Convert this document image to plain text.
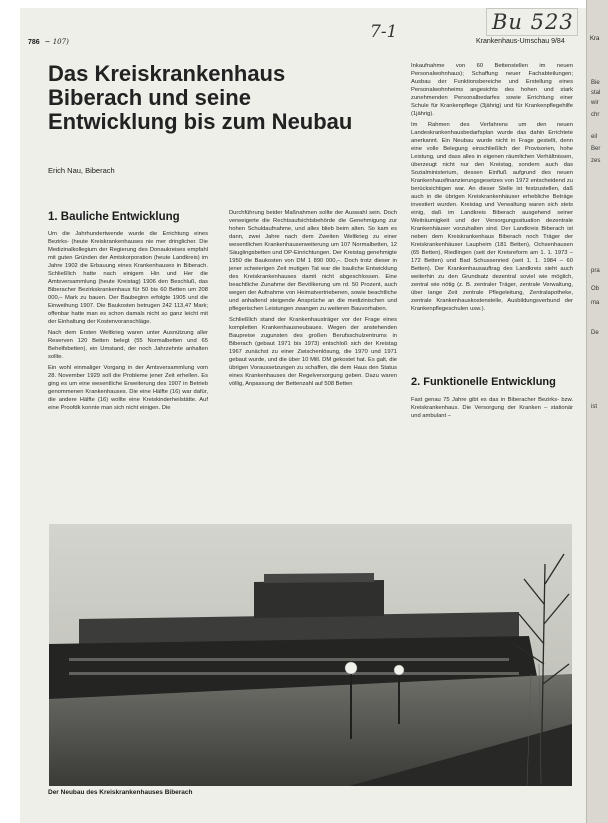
Kra
Bie
stal
wir
chr
eil
Ber
zes
pra
Ob
ma
De
ist
7-1	Bu 523
786 ~ 107)	Krankenhaus-Umschau 9/84
Das Kreiskrankenhaus
Biberach und seine
Entwicklung bis zum Neubau
Erich Nau, Biberach
1. Bauliche Entwicklung

Um die Jahrhundertwende wurde die Errichtung eines Bezirks- (heute Kreiskrankenhauses nie mer dringlicher. Die Medizinalkollegium der Regierung des Donaukreises empfahl mit guten Gründen der Amtskorporation (heute Landkreis) im Jahre 1902 die Erbauung eines Krankenhauses in Biberach. Schließlich hatte nach einigem Hin und Her die Amtsversammlung (heute Kreistag) 1906 den Beschluß, das Biberacher Bezirkskrankenhaus für 50 bis 60 Betten um 208 000,– Mark zu bauen. Der Baubeginn erfolgte 1905 und die Einweihung 1907. Die Baukosten betrugen 242 113,47 Mark; offenbar hatte man es schon damals nicht so ganz leicht mit der Einhaltung der Kostenvoranschläge.

Nach dem Ersten Weltkrieg waren unter Ausnützung aller Reserven 120 Betten belegt (55 Normalbetten und 65 Behelfsbetten), ein Umstand, der noch Jahrzehnte anhalten sollte.

Ein wohl einmaliger Vorgang in der Amtsversammlung vom 28. November 1929 soll die Probleme jener Zeit erhellen. Es ging es um eine wesentliche Erweiterung des 1907 in Betrieb genommenen Krankenhauses. Die eine Hälfte (16) war dafür, die andere Hälfte (16) wollte eine Kreiskinderheilstätte. Auf eine Proofdk konnte man sich nicht einigen. Die

Durchführung beider Maßnahmen sollte der Auswahl sein. Doch verweigerte die Rechtsaufsichtsbehörde die Genehmigung zur hohen Schuldaufnahme, und alles blieb beim alten. So kam es dann, zwei Jahre nach dem Zweiten Weltkrieg zu einer wesentlichen Krankenhauserweiterung um 107 Normalbetten, 12 Säuglingsbetten und OP-Einrichtungen. Der Kreistag genehmigte 1950 die Baukosten von DM 1 890 000,–. Doch trotz dieser in jener schwierigen Zeit mutigen Tat war die bauliche Entwicklung des Kreiskrankenhauses damit nicht abgeschlossen. Eine beachtliche Zunahme der Bevölkerung um rd. 50 Prozent, auch wegen der Aufnahme von Heimatvertriebenen, sowie beachtliche und anhaltend steigende Ansprüche an die medizinischen und pflegerischen Leistungen zwangen zu weiteren Bauvorhaben.

Schließlich stand der Krankenhausträger vor der Frage eines kompletten Krankenhausneubaues. Wegen der anstehenden Baupreise zugunsten des großen Berufsschulzentrums in Biberach (gebaut 1971 bis 1973) entschloß sich der Kreistag 1967 zunächst zu einer Zwischenlösung, die 1970 und 1971 gebaut wurde, und die über 10 Mill. DM gekostet hat. Es galt, die übrigen Voraussetzungen zu schaffen, die dem Haus den Status eines Krankenhauses der Regelversorgung geben. Dazu waren völlig, Anpassung der Bettenzahl auf 508 Betten

Inkaufnahme von 60 Bettenstellen im neuen Personalwohnhaus); Schaffung neuer Fachabteilungen; Ausbau der Funktionsbereiche und Erstellung eines Personalwohnheims angesichts des hohen und stark zunehmenden Personalbedarfes sowie Errichtung einer Schule für Krankenpflege (3jährig) und für Krankenpflegehilfe (1jährig).

Im Rahmen des Verfahrens um den neuen Landeskrankenhausbedarfsplan wurde das dahin Errichtete anerkannt. Ein Neubau wurde nicht in Frage gestellt, denn eine volle Belegung einschließlich der Provisorien, hohe Leistung, und dass alles in eigenen räumlichen Verhältnissen, überzeugt nicht nur den Kreistag, sondern auch das Sozialministerium, dessen Einfluß aufgrund des neuen Krankenhausfinanzierungsgesetzes von 1972 entscheidend zu berücksichtigen war. An dieser Stelle ist festzustellen, daß auch in die übrigen Kreiskrankenhäuser erhebliche Beträge investiert wurden. Kreistag und Verwaltung waren sich stets einig, daß im Landkreis Biberach ausgehend seiner Weiträumigkeit und der Versorgungssituation dezentrale Krankenhäuser vorzuhalten sind. Der Landkreis Biberach ist neben dem Kreiskrankenhaus Biberach noch Träger der Kreiskrankenhäuser Laupheim (181 Betten), Ochsenhausen (65 Betten), Riedlingen (seit der Kreisreform am 1. 1. 1973 – 172 Betten) und Bad Schussenried (seit 1. 1. 1984 – 60 Betten). Der Krankenhausauftrag des Landkreis sieht auch weiterhin zu den Grundsatz dezentral soviel wie möglich, zentral wie nötig (z. B. zentraler Träger, zentrale Verwaltung, über lange Zeit zentrale Pflegeleitung, Zentralapotheke, zentrale Krankenhauskostenstelle, Ausbildungsverbund der Krankenpflegeschulen usw.).

2. Funktionelle Entwicklung

Fast genau 75 Jahre gibt es das in Biberacher Bezirks- bzw. Kreiskrankenhaus. Die Versorgung der Kranken – stationär und ambulant –

Der Neubau des Kreiskrankenhauses Biberach
